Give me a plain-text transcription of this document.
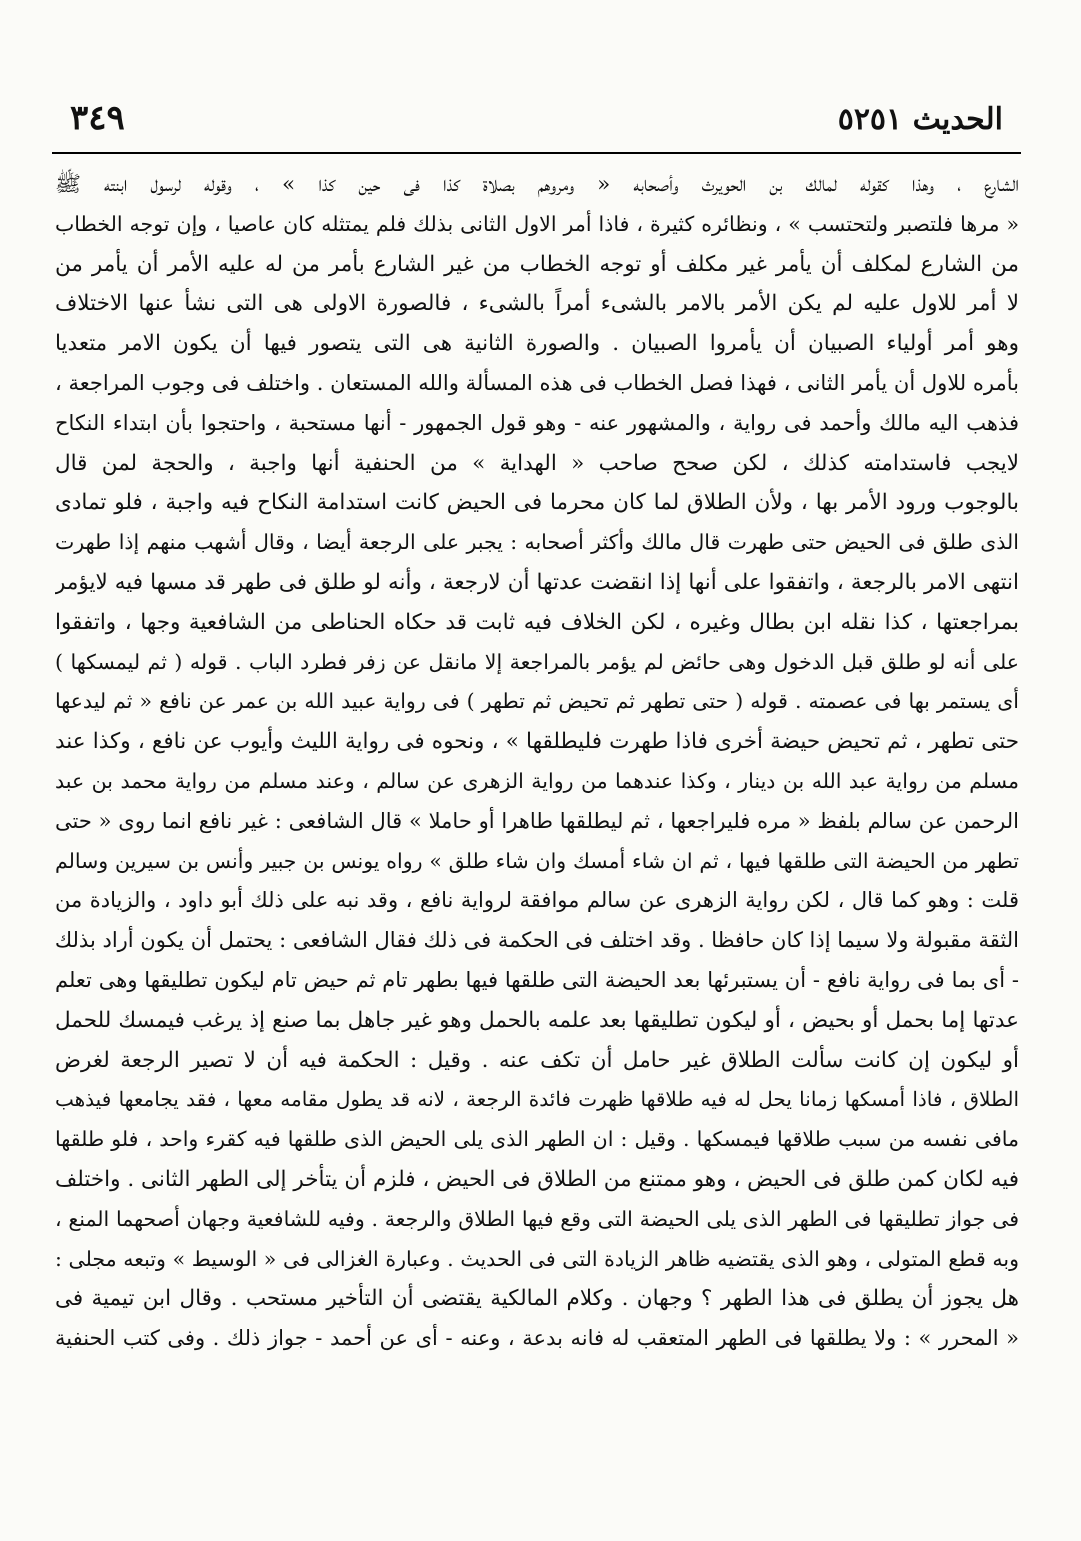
الحديث ٥٢٥١
٣٤٩
الشارع ، وهذا كقوله لمالك بن الحويرث وأصحابه « ومروهم بصلاة كذا فى حين كذا » ، وقوله لرسول ابنته ﷺ
« مرها فلتصبر ولتحتسب » ، ونظائره كثيرة ، فاذا أمر الاول الثانى بذلك فلم يمتثله كان عاصيا ، وإن توجه الخطاب
من الشارع لمكلف أن يأمر غير مكلف أو توجه الخطاب من غير الشارع بأمر من له عليه الأمر أن يأمر من
لا أمر للاول عليه لم يكن الأمر بالامر بالشىء أمراً بالشىء ، فالصورة الاولى هى التى نشأ عنها الاختلاف
وهو أمر أولياء الصبيان أن يأمروا الصبيان . والصورة الثانية هى التى يتصور فيها أن يكون الامر متعديا
بأمره للاول أن يأمر الثانى ، فهذا فصل الخطاب فى هذه المسألة والله المستعان . واختلف فى وجوب المراجعة ،
فذهب اليه مالك وأحمد فى رواية ، والمشهور عنه - وهو قول الجمهور - أنها مستحبة ، واحتجوا بأن ابتداء النكاح
لايجب فاستدامته كذلك ، لكن صحح صاحب « الهداية » من الحنفية أنها واجبة ، والحجة لمن قال
بالوجوب ورود الأمر بها ، ولأن الطلاق لما كان محرما فى الحيض كانت استدامة النكاح فيه واجبة ، فلو تمادى
الذى طلق فى الحيض حتى طهرت قال مالك وأكثر أصحابه : يجبر على الرجعة أيضا ، وقال أشهب منهم إذا طهرت
انتهى الامر بالرجعة ، واتفقوا على أنها إذا انقضت عدتها أن لارجعة ، وأنه لو طلق فى طهر قد مسها فيه لايؤمر
بمراجعتها ، كذا نقله ابن بطال وغيره ، لكن الخلاف فيه ثابت قد حكاه الحناطى من الشافعية وجها ، واتفقوا
على أنه لو طلق قبل الدخول وهى حائض لم يؤمر بالمراجعة إلا مانقل عن زفر فطرد الباب . قوله ( ثم ليمسكها )
أى يستمر بها فى عصمته . قوله ( حتى تطهر ثم تحيض ثم تطهر ) فى رواية عبيد الله بن عمر عن نافع « ثم ليدعها
حتى تطهر ، ثم تحيض حيضة أخرى فاذا طهرت فليطلقها » ، ونحوه فى رواية الليث وأيوب عن نافع ، وكذا عند
مسلم من رواية عبد الله بن دينار ، وكذا عندهما من رواية الزهرى عن سالم ، وعند مسلم من رواية محمد بن عبد
الرحمن عن سالم بلفظ « مره فليراجعها ، ثم ليطلقها طاهرا أو حاملا » قال الشافعى : غير نافع انما روى « حتى
تطهر من الحيضة التى طلقها فيها ، ثم ان شاء أمسك وان شاء طلق » رواه يونس بن جبير وأنس بن سيرين وسالم
قلت : وهو كما قال ، لكن رواية الزهرى عن سالم موافقة لرواية نافع ، وقد نبه على ذلك أبو داود ، والزيادة من
الثقة مقبولة ولا سيما إذا كان حافظا . وقد اختلف فى الحكمة فى ذلك فقال الشافعى : يحتمل أن يكون أراد بذلك
- أى بما فى رواية نافع - أن يستبرئها بعد الحيضة التى طلقها فيها بطهر تام ثم حيض تام ليكون تطليقها وهى تعلم
عدتها إما بحمل أو بحيض ، أو ليكون تطليقها بعد علمه بالحمل وهو غير جاهل بما صنع إذ يرغب فيمسك للحمل
أو ليكون إن كانت سألت الطلاق غير حامل أن تكف عنه . وقيل : الحكمة فيه أن لا تصير الرجعة لغرض
الطلاق ، فاذا أمسكها زمانا يحل له فيه طلاقها ظهرت فائدة الرجعة ، لانه قد يطول مقامه معها ، فقد يجامعها فيذهب
مافى نفسه من سبب طلاقها فيمسكها . وقيل : ان الطهر الذى يلى الحيض الذى طلقها فيه كقرء واحد ، فلو طلقها
فيه لكان كمن طلق فى الحيض ، وهو ممتنع من الطلاق فى الحيض ، فلزم أن يتأخر إلى الطهر الثانى . واختلف
فى جواز تطليقها فى الطهر الذى يلى الحيضة التى وقع فيها الطلاق والرجعة . وفيه للشافعية وجهان أصحهما المنع ،
وبه قطع المتولى ، وهو الذى يقتضيه ظاهر الزيادة التى فى الحديث . وعبارة الغزالى فى « الوسيط » وتبعه مجلى :
هل يجوز أن يطلق فى هذا الطهر ؟ وجهان . وكلام المالكية يقتضى أن التأخير مستحب . وقال ابن تيمية فى
« المحرر » : ولا يطلقها فى الطهر المتعقب له فانه بدعة ، وعنه - أى عن أحمد - جواز ذلك . وفى كتب الحنفية
